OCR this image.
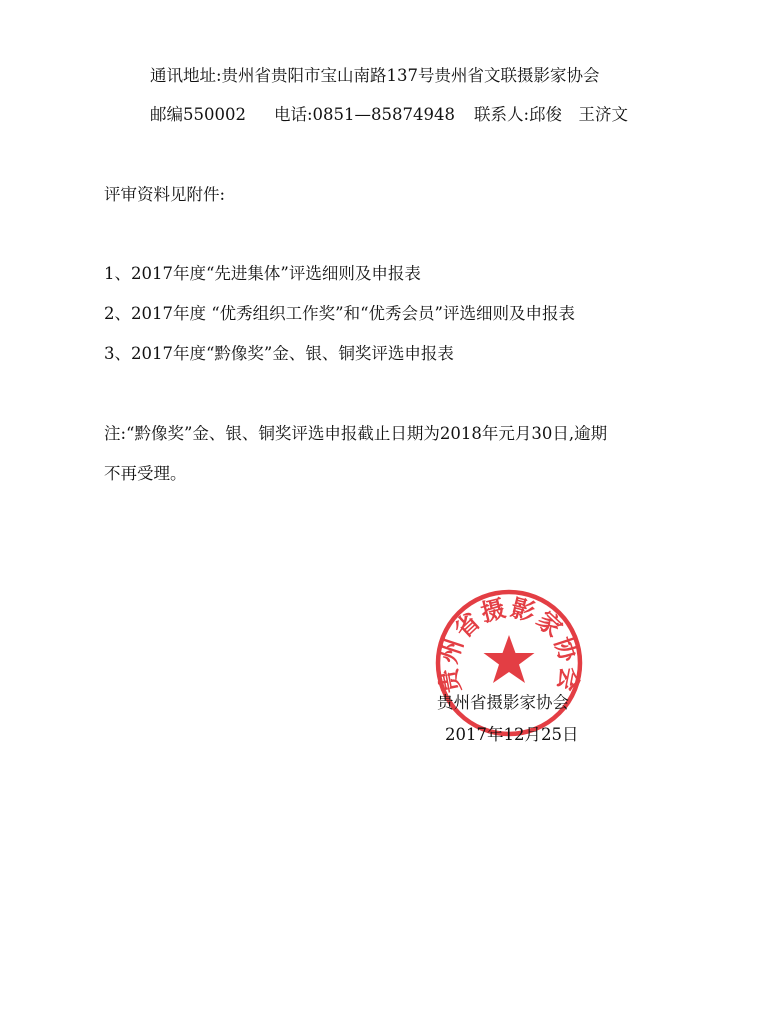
通讯地址:贵州省贵阳市宝山南路137号贵州省文联摄影家协会
邮编550002 电话:0851—85874948 联系人:邱俊　王济文
评审资料见附件:
1、2017年度“先进集体”评选细则及申报表
2、2017年度 “优秀组织工作奖”和“优秀会员”评选细则及申报表
3、2017年度“黔像奖”金、银、铜奖评选申报表
注:“黔像奖”金、银、铜奖评选申报截止日期为2018年元月30日,逾期
不再受理。
贵州省摄影家协会
贵州省摄影家协会
2017年12月25日
